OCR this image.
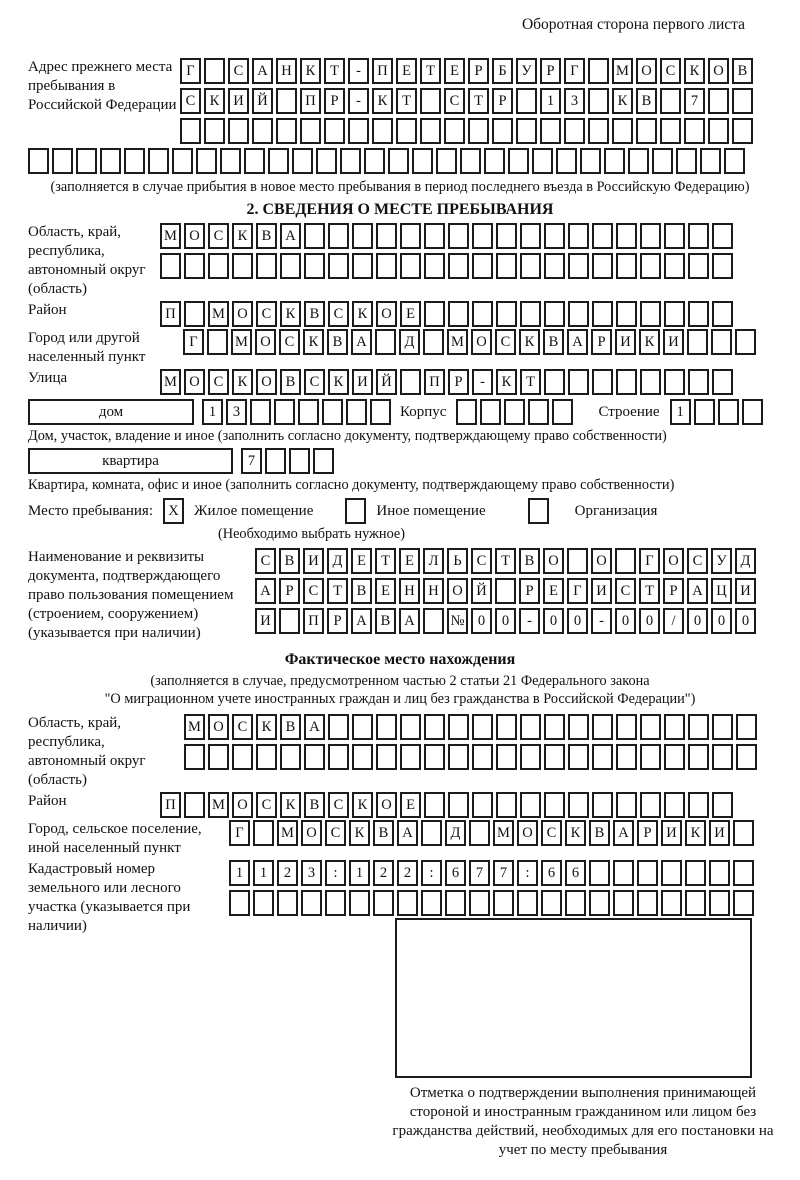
Оборотная сторона первого листа
Адрес прежнего места пребывания в Российской Федерации
Г	С А Н К	Т	-	П Е	Т	Е	Р	Б	У	Р	Г	М О С К О В
С К И Й	П	Р	-	К	Т	С	Т	Р	1	3	К В	7
(заполняется в случае прибытия в новое место пребывания в период последнего въезда в Российскую Федерацию)
2. СВЕДЕНИЯ О МЕСТЕ ПРЕБЫВАНИЯ
Область, край, республика, автономный округ (область)
М О С К В А
Район	П	М О С К В С К О Е
Город или другой населенный пункт
Г	М О С К В А	Д	М О С К В А	Р	И К И
Улица	М О С К О В С К И Й	П	Р	-	К	Т
дом	1	3	Корпус	Строение	1
Дом, участок, владение и иное (заполнить согласно документу, подтверждающему право собственности)
квартира	7
Квартира, комната, офис и иное (заполнить согласно документу, подтверждающему право собственности)
Место пребывания:	X	Жилое помещение	Иное помещение	Организация
(Необходимо выбрать нужное)
Наименование и реквизиты документа, подтверждающего право пользования помещением (строением, сооружением) (указывается при наличии)
С В И Д	Е	Т	Е	Л	Ь	С	Т	В О	О	Г	О С У Д
А	Р	С	Т	В	Е Н Н О Й	Р	Е	Г	И С	Т	Р	А Ц И
И	П	Р	А В А	№ 0	0	-	0	0	-	0	0	/	0	0	0
Фактическое место нахождения
(заполняется в случае, предусмотренном частью 2 статьи 21 Федерального закона
"О миграционном учете иностранных граждан и лиц без гражданства в Российской Федерации")
Область, край, республика, автономный округ (область)
М О С К В А
Район	П	М О С К В С К О Е
Город, сельское поселение, иной населенный пункт
Г	М О С К В А	Д	М О С К В А	Р	И К И
Кадастровый номер земельного или лесного участка (указывается при наличии)
1	1	2	3	:	1	2	2	:	6	7	7	:	6	6
Отметка о подтверждении выполнения принимающей стороной и иностранным гражданином или лицом без гражданства действий, необходимых для его постановки на учет по месту пребывания
